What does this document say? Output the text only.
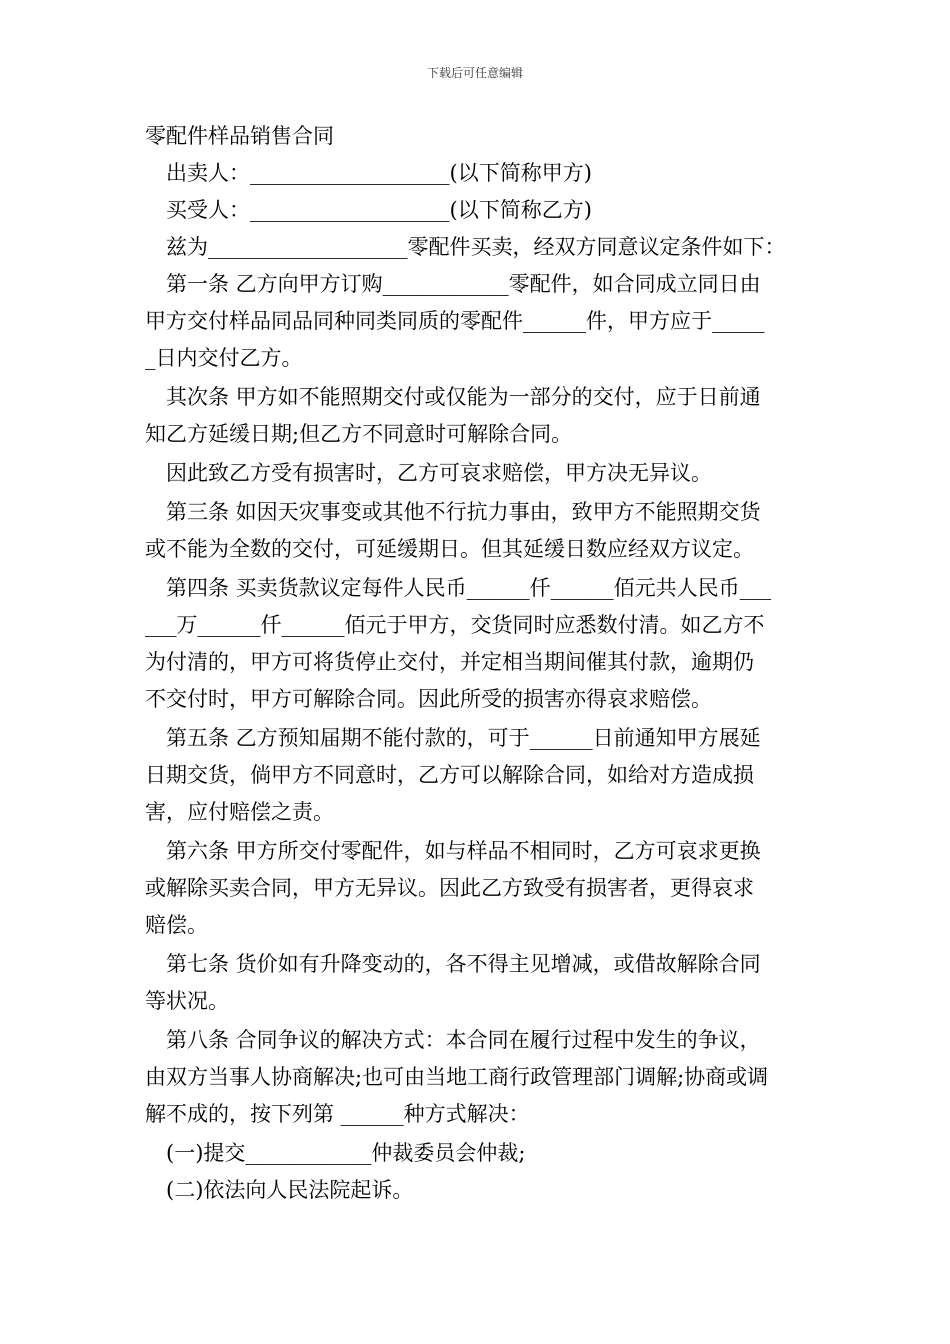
下载后可任意编辑
零配件样品销售合同
出卖人：___________________(以下简称甲方)
买受人：___________________(以下简称乙方)
兹为___________________零配件买卖，经双方同意议定条件如下：
第一条 乙方向甲方订购____________零配件，如合同成立同日由
甲方交付样品同品同种同类同质的零配件______件，甲方应于_____
_日内交付乙方。
其次条 甲方如不能照期交付或仅能为一部分的交付，应于日前通
知乙方延缓日期;但乙方不同意时可解除合同。
因此致乙方受有损害时，乙方可哀求赔偿，甲方决无异议。
第三条 如因天灾事变或其他不行抗力事由，致甲方不能照期交货
或不能为全数的交付，可延缓期日。但其延缓日数应经双方议定。
第四条 买卖货款议定每件人民币______仟______佰元共人民币___
___万______仟______佰元于甲方，交货同时应悉数付清。如乙方不
为付清的，甲方可将货停止交付，并定相当期间催其付款，逾期仍
不交付时，甲方可解除合同。因此所受的损害亦得哀求赔偿。
第五条 乙方预知届期不能付款的，可于______日前通知甲方展延
日期交货，倘甲方不同意时，乙方可以解除合同，如给对方造成损
害，应付赔偿之责。
第六条 甲方所交付零配件，如与样品不相同时，乙方可哀求更换
或解除买卖合同，甲方无异议。因此乙方致受有损害者，更得哀求
赔偿。
第七条 货价如有升降变动的，各不得主见增减，或借故解除合同
等状况。
第八条 合同争议的解决方式：本合同在履行过程中发生的争议，
由双方当事人协商解决;也可由当地工商行政管理部门调解;协商或调
解不成的，按下列第 ______种方式解决：
(一)提交____________仲裁委员会仲裁;
(二)依法向人民法院起诉。
